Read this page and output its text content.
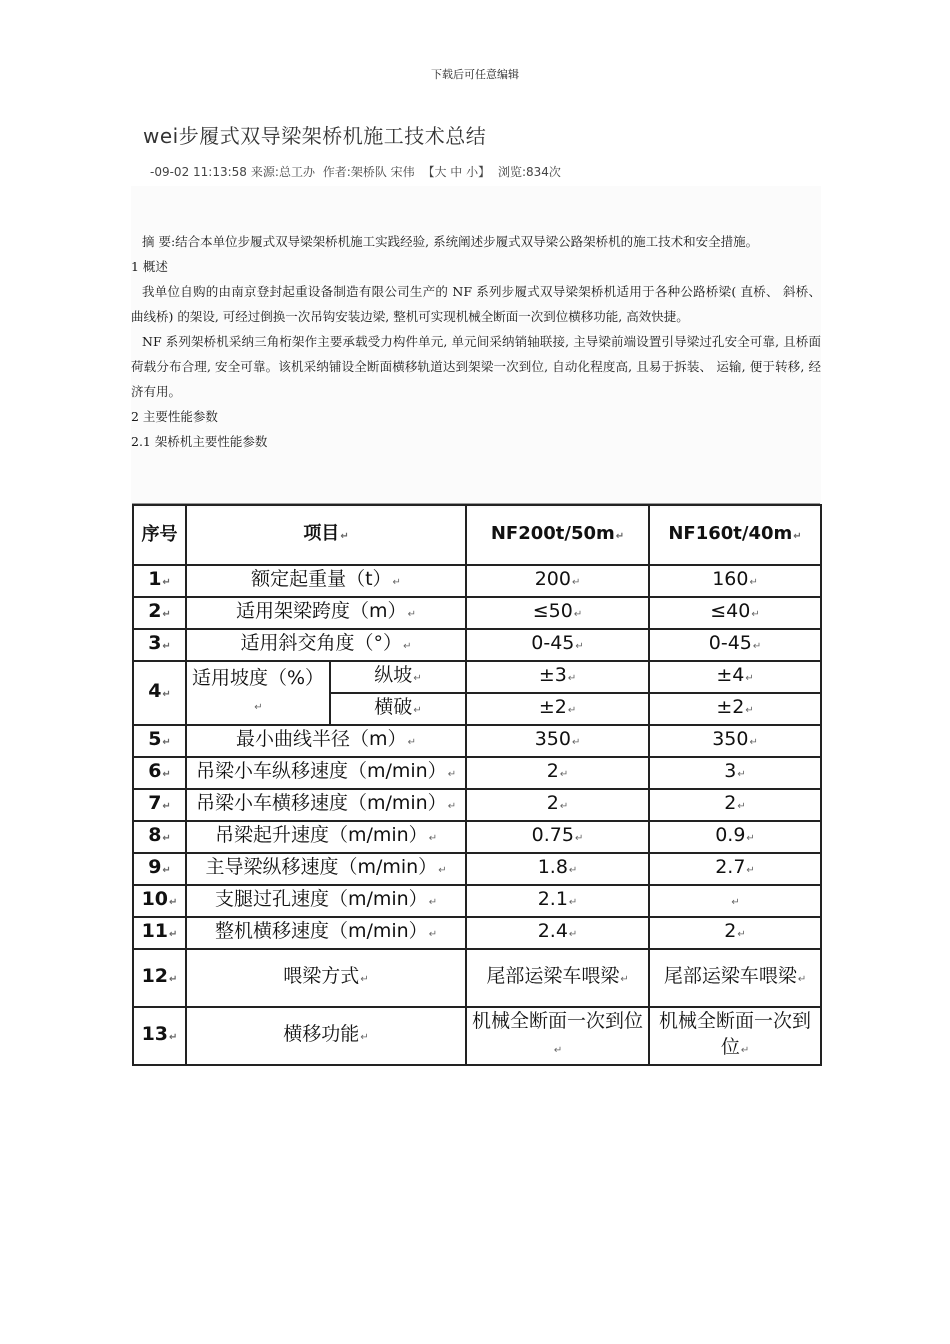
下载后可任意编辑
wei步履式双导梁架桥机施工技术总结
-09-02 11:13:58 来源:总工办 作者:架桥队 宋伟 【大 中 小】 浏览:834次

摘 要:结合本单位步履式双导梁架桥机施工实践经验, 系统阐述步履式双导梁公路架桥机的施工技术和安全措施。

1 概述

我单位自购的由南京登封起重设备制造有限公司生产的 NF 系列步履式双导梁架桥机适用于各种公路桥梁( 直桥、 斜桥、 曲线桥) 的架设, 可经过倒换一次吊钩安装边梁, 整机可实现机械全断面一次到位横移功能, 高效快捷。

NF 系列架桥机采纳三角桁架作主要承载受力构件单元, 单元间采纳销轴联接, 主导梁前端设置引导梁过孔安全可靠, 且桥面荷载分布合理, 安全可靠。该机采纳铺设全断面横移轨道达到架梁一次到位, 自动化程度高, 且易于拆装、 运输, 便于转移, 经济有用。

2 主要性能参数

2.1 架桥机主要性能参数

序号	项目↵		NF200t/50m↵	NF160t/40m↵
1↵	额定起重量（t）↵		200↵	160↵
2↵	适用架梁跨度（m）↵		≤50↵	≤40↵
3↵	适用斜交角度（°）↵		0-45↵	0-45↵
4↵	适用坡度（%）↵	纵坡↵	±3↵	±4↵
		横破↵	±2↵	±2↵
5↵	最小曲线半径（m）↵		350↵	350↵
6↵	吊梁小车纵移速度（m/min）↵		2↵	3↵
7↵	吊梁小车横移速度（m/min）↵		2↵	2↵
8↵	吊梁起升速度（m/min）↵		0.75↵	0.9↵
9↵	主导梁纵移速度（m/min）↵		1.8↵	2.7↵
10↵	支腿过孔速度（m/min）↵		2.1↵	↵
11↵	整机横移速度（m/min）↵		2.4↵	2↵
12↵	喂梁方式↵		尾部运梁车喂梁↵	尾部运梁车喂梁↵
13↵	横移功能↵		机械全断面一次到位↵	机械全断面一次到位↵
